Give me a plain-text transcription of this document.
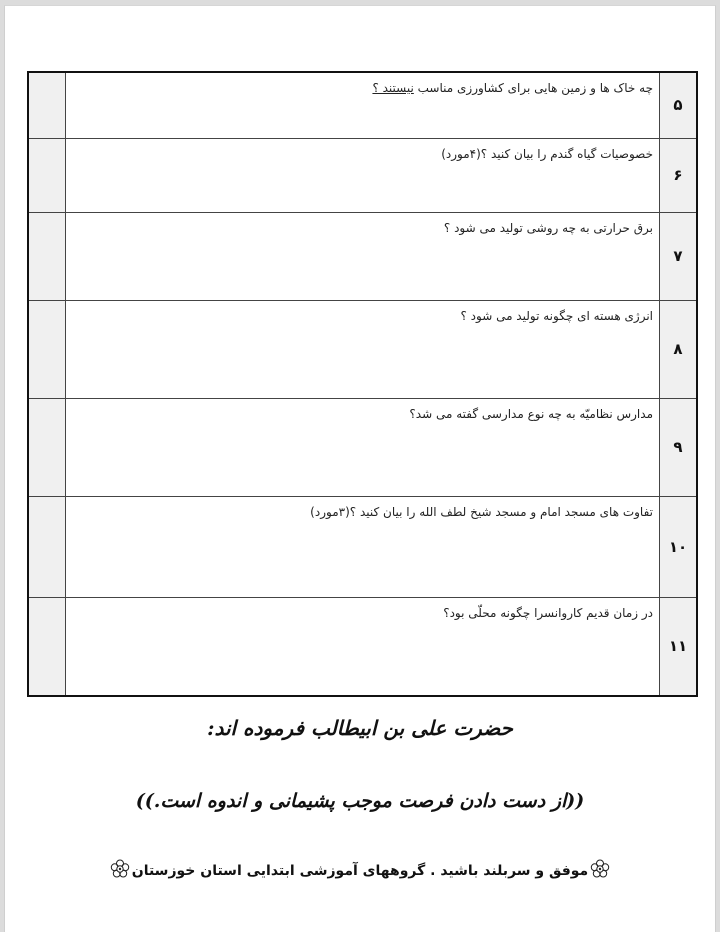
۵	چه خاک ها و زمین هایی برای کشاورزی مناسب نیستند ؟	
۶	خصوصیات گیاه گندم را بیان کنید ؟(۴مورد)	
۷	برق حرارتی به چه روشی تولید می شود ؟	
۸	انرژی هسته ای چگونه تولید می شود ؟	
۹	مدارس نظامیّه به چه نوع مدارسی گفته می شد؟	
۱۰	تفاوت های مسجد امام و مسجد شیخ لطف الله را بیان کنید ؟(۳مورد)	
۱۱	در زمان قدیم کاروانسرا چگونه محلّی بود؟	
حضرت علی بن ابیطالب فرموده اند:
((از دست دادن فرصت موجب پشیمانی و اندوه است.))
موفق و سربلند باشید . گروههای آموزشی ابتدایی استان خوزستان
